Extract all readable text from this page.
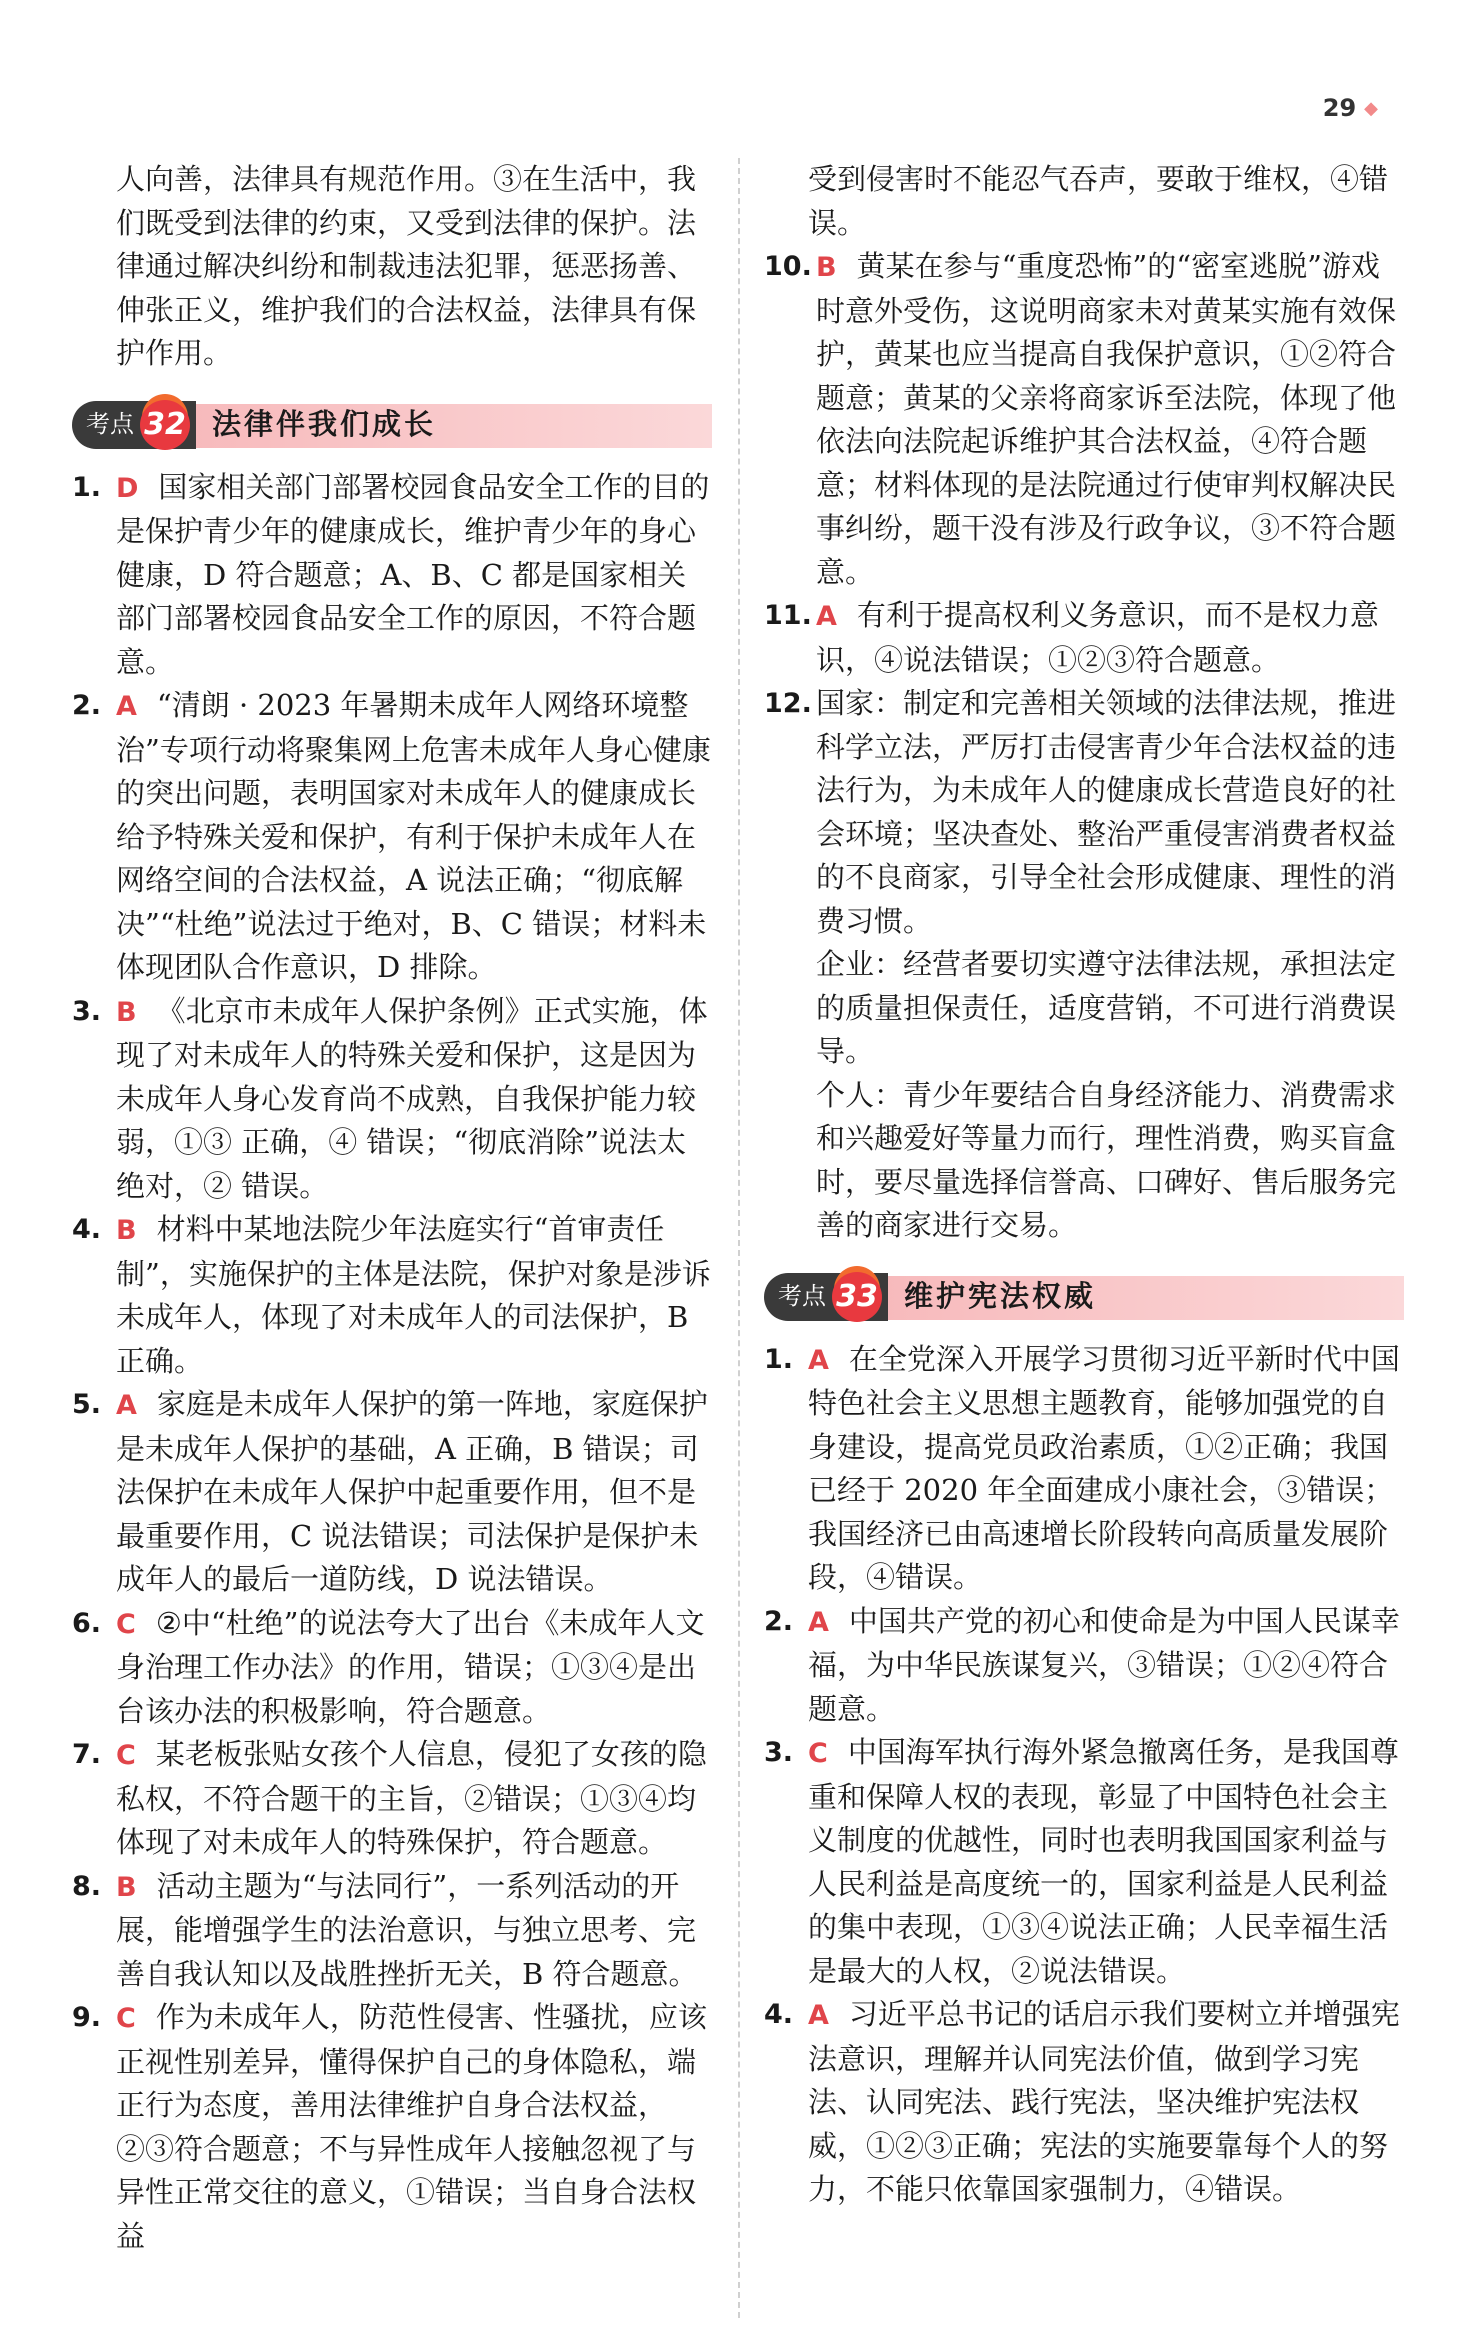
29 ◆

人向善，法律具有规范作用。③在生活中，我们既受到法律的约束，又受到法律的保护。法律通过解决纠纷和制裁违法犯罪，惩恶扬善、伸张正义，维护我们的合法权益，法律具有保护作用。

考点 32 法律伴我们成长
1. D 国家相关部门部署校园食品安全工作的目的是保护青少年的健康成长，维护青少年的身心健康，D 符合题意；A、B、C 都是国家相关部门部署校园食品安全工作的原因，不符合题意。
2. A “清朗 · 2023 年暑期未成年人网络环境整治”专项行动将聚集网上危害未成年人身心健康的突出问题，表明国家对未成年人的健康成长给予特殊关爱和保护，有利于保护未成年人在网络空间的合法权益，A 说法正确；“彻底解决”“杜绝”说法过于绝对，B、C 错误；材料未体现团队合作意识，D 排除。
3. B 《北京市未成年人保护条例》正式实施，体现了对未成年人的特殊关爱和保护，这是因为未成年人身心发育尚不成熟，自我保护能力较弱，①③ 正确，④ 错误；“彻底消除”说法太绝对，② 错误。
4. B 材料中某地法院少年法庭实行“首审责任制”，实施保护的主体是法院，保护对象是涉诉未成年人，体现了对未成年人的司法保护，B 正确。
5. A 家庭是未成年人保护的第一阵地，家庭保护是未成年人保护的基础，A 正确，B 错误；司法保护在未成年人保护中起重要作用，但不是最重要作用，C 说法错误；司法保护是保护未成年人的最后一道防线，D 说法错误。
6. C ②中“杜绝”的说法夸大了出台《未成年人文身治理工作办法》的作用，错误；①③④是出台该办法的积极影响，符合题意。
7. C 某老板张贴女孩个人信息，侵犯了女孩的隐私权，不符合题干的主旨，②错误；①③④均体现了对未成年人的特殊保护，符合题意。
8. B 活动主题为“与法同行”，一系列活动的开展，能增强学生的法治意识，与独立思考、完善自我认知以及战胜挫折无关，B 符合题意。
9. C 作为未成年人，防范性侵害、性骚扰，应该正视性别差异，懂得保护自己的身体隐私，端正行为态度，善用法律维护自身合法权益，②③符合题意；不与异性成年人接触忽视了与异性正常交往的意义，①错误；当自身合法权益

受到侵害时不能忍气吞声，要敢于维权，④错误。

10. B 黄某在参与“重度恐怖”的“密室逃脱”游戏时意外受伤，这说明商家未对黄某实施有效保护，黄某也应当提高自我保护意识，①②符合题意；黄某的父亲将商家诉至法院，体现了他依法向法院起诉维护其合法权益，④符合题意；材料体现的是法院通过行使审判权解决民事纠纷，题干没有涉及行政争议，③不符合题意。
11. A 有利于提高权利义务意识，而不是权力意识，④说法错误；①②③符合题意。
12. 国家：制定和完善相关领域的法律法规，推进科学立法，严厉打击侵害青少年合法权益的违法行为，为未成年人的健康成长营造良好的社会环境；坚决查处、整治严重侵害消费者权益的不良商家，引导全社会形成健康、理性的消费习惯。

企业：经营者要切实遵守法律法规，承担法定的质量担保责任，适度营销，不可进行消费误导。

个人：青少年要结合自身经济能力、消费需求和兴趣爱好等量力而行，理性消费，购买盲盒时，要尽量选择信誉高、口碑好、售后服务完善的商家进行交易。

考点 33 维护宪法权威
1. A 在全党深入开展学习贯彻习近平新时代中国特色社会主义思想主题教育，能够加强党的自身建设，提高党员政治素质，①②正确；我国已经于 2020 年全面建成小康社会，③错误；我国经济已由高速增长阶段转向高质量发展阶段，④错误。
2. A 中国共产党的初心和使命是为中国人民谋幸福，为中华民族谋复兴，③错误；①②④符合题意。
3. C 中国海军执行海外紧急撤离任务，是我国尊重和保障人权的表现，彰显了中国特色社会主义制度的优越性，同时也表明我国国家利益与人民利益是高度统一的，国家利益是人民利益的集中表现，①③④说法正确；人民幸福生活是最大的人权，②说法错误。
4. A 习近平总书记的话启示我们要树立并增强宪法意识，理解并认同宪法价值，做到学习宪法、认同宪法、践行宪法，坚决维护宪法权威，①②③正确；宪法的实施要靠每个人的努力，不能只依靠国家强制力，④错误。
